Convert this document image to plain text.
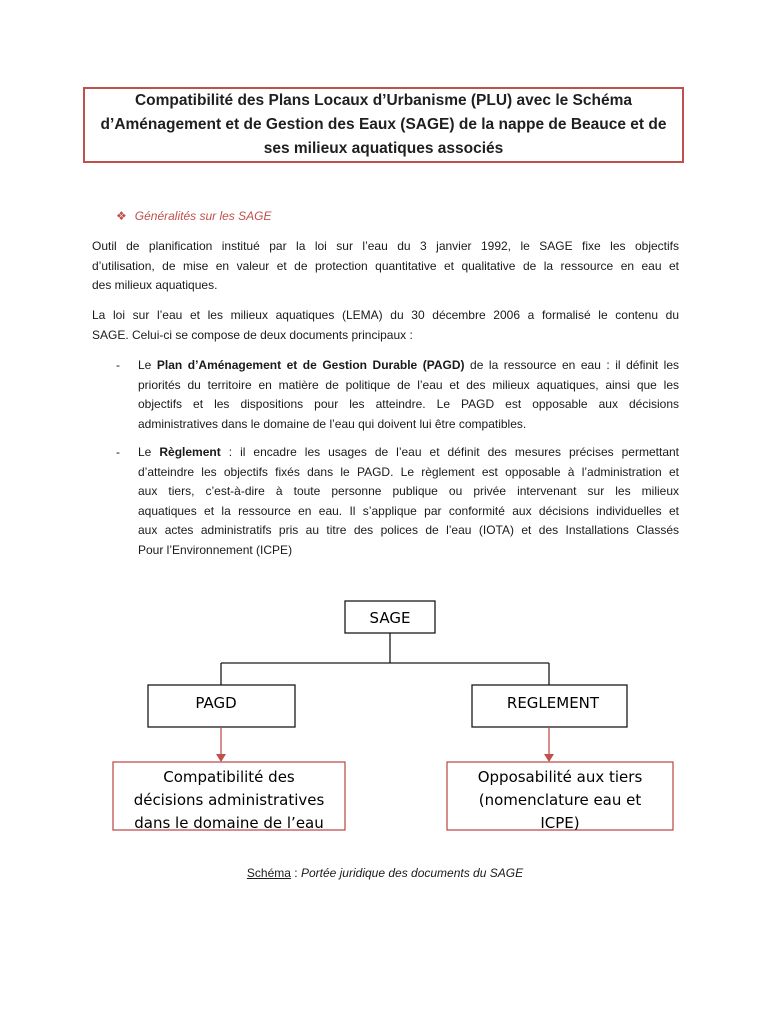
Compatibilité des Plans Locaux d’Urbanisme (PLU) avec le Schéma
d’Aménagement et de Gestion des Eaux (SAGE) de la nappe de Beauce et de
ses milieux aquatiques associés
❖ Généralités sur les SAGE

Outil de planification institué par la loi sur l’eau du 3 janvier 1992, le SAGE fixe les objectifs
d’utilisation, de mise en valeur et de protection quantitative et qualitative de la ressource en eau et
des milieux aquatiques.

La loi sur l’eau et les milieux aquatiques (LEMA) du 30 décembre 2006 a formalisé le contenu du
SAGE. Celui-ci se compose de deux documents principaux :

- Le Plan d’Aménagement et de Gestion Durable (PAGD) de la ressource en eau : il définit les
priorités du territoire en matière de politique de l’eau et des milieux aquatiques, ainsi que les
objectifs et les dispositions pour les atteindre. Le PAGD est opposable aux décisions
administratives dans le domaine de l’eau qui doivent lui être compatibles.
- Le Règlement : il encadre les usages de l’eau et définit des mesures précises permettant
d’atteindre les objectifs fixés dans le PAGD. Le règlement est opposable à l’administration et
aux tiers, c’est-à-dire à toute personne publique ou privée intervenant sur les milieux
aquatiques et la ressource en eau. Il s’applique par conformité aux décisions individuelles et
aux actes administratifs pris au titre des polices de l’eau (IOTA) et des Installations Classés
Pour l’Environnement (ICPE)
SAGE
PAGD	REGLEMENT
Compatibilité des
décisions administratives
dans le domaine de l’eau
Opposabilité aux tiers
(nomenclature eau et
ICPE)
Schéma : Portée juridique des documents du SAGE
